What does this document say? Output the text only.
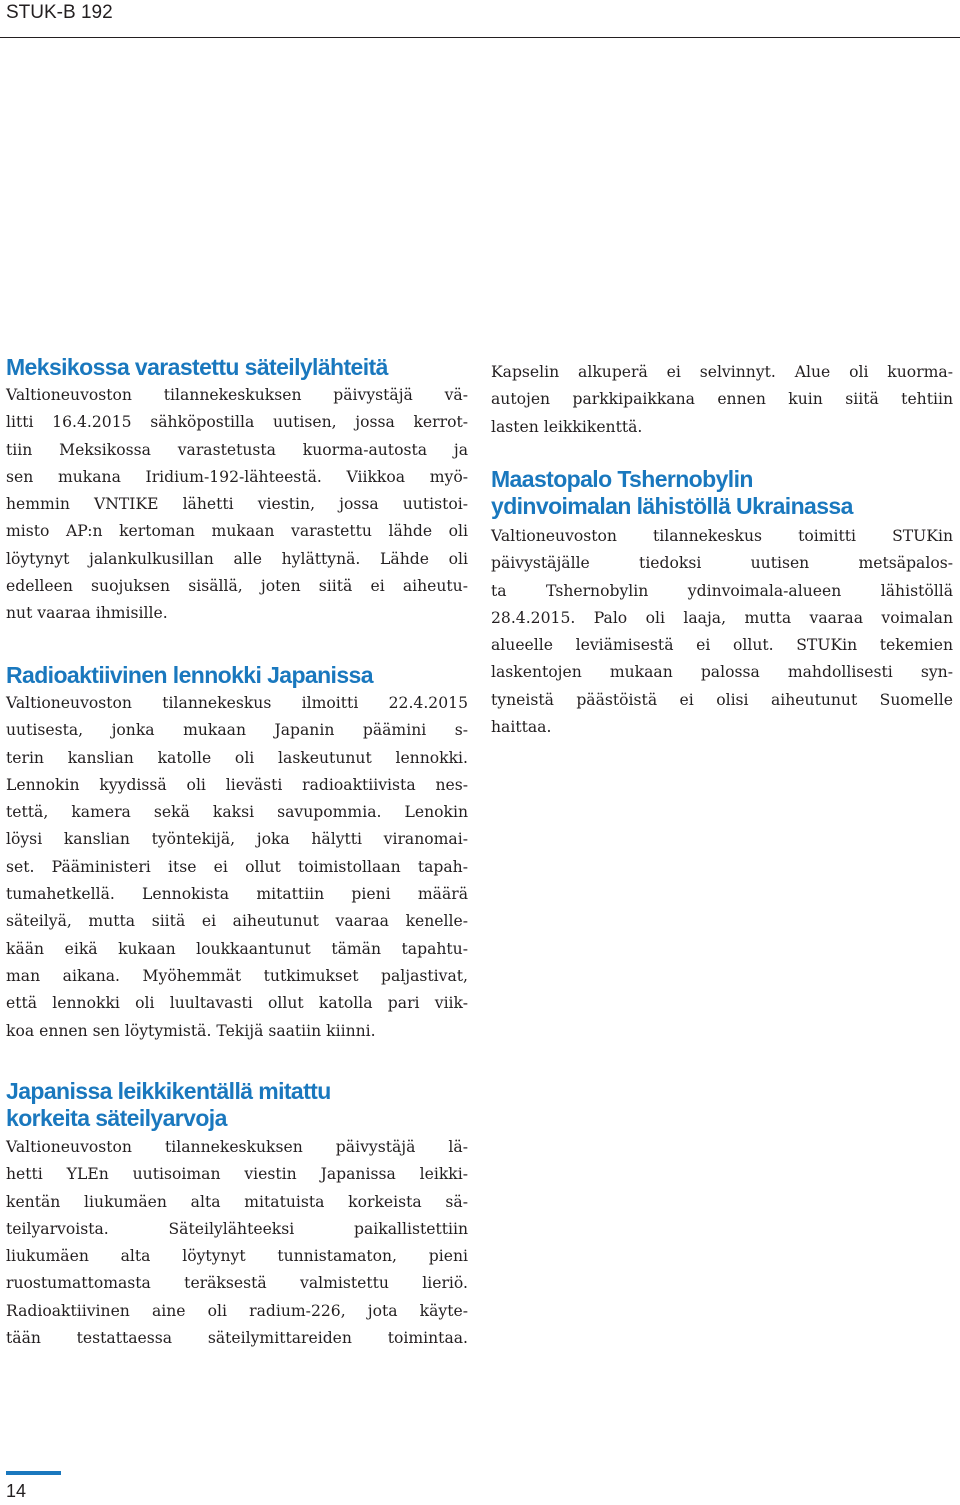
STUK-B 192
Meksikossa varastettu säteilylähteitä
Valtioneuvoston tilannekeskuksen päivystäjä vä-
litti 16.4.2015 sähköpostilla uutisen, jossa kerrot-
tiin Meksikossa varastetusta kuorma-autosta ja
sen mukana Iridium-192-lähteestä. Viikkoa myö-
hemmin VNTIKE lähetti viestin, jossa uutistoi-
misto AP:n kertoman mukaan varastettu lähde oli
löytynyt jalankulkusillan alle hylättynä. Lähde oli
edelleen suojuksen sisällä, joten siitä ei aiheutu-
nut vaaraa ihmisille.
Radioaktiivinen lennokki Japanissa
Valtioneuvoston tilannekeskus ilmoitti 22.4.2015
uutisesta, jonka mukaan Japanin päämini s-
terin kanslian katolle oli laskeutunut lennokki.
Lennokin kyydissä oli lievästi radioaktiivista nes-
tettä, kamera sekä kaksi savupommia. Lenokin
löysi kanslian työntekijä, joka hälytti viranomai-
set. Pääministeri itse ei ollut toimistollaan tapah-
tumahetkellä. Lennokista mitattiin pieni määrä
säteilyä, mutta siitä ei aiheutunut vaaraa kenelle-
kään eikä kukaan loukkaantunut tämän tapahtu-
man aikana. Myöhemmät tutkimukset paljastivat,
että lennokki oli luultavasti ollut katolla pari viik-
koa ennen sen löytymistä. Tekijä saatiin kiinni.
Japanissa leikkikentällä mitattu
korkeita säteilyarvoja
Valtioneuvoston tilannekeskuksen päivystäjä lä-
hetti YLEn uutisoiman viestin Japanissa leikki-
kentän liukumäen alta mitatuista korkeista sä-
teilyarvoista. Säteilylähteeksi paikallistettiin
liukumäen alta löytynyt tunnistamaton, pieni
ruostumattomasta teräksestä valmistettu lieriö.
Radioaktiivinen aine oli radium-226, jota käyte-
tään testattaessa säteilymittareiden toimintaa.
Kapselin alkuperä ei selvinnyt. Alue oli kuorma-
autojen parkkipaikkana ennen kuin siitä tehtiin
lasten leikkikenttä.
Maastopalo Tshernobylin
ydinvoimalan lähistöllä Ukrainassa
Valtioneuvoston tilannekeskus toimitti STUKin
päivystäjälle tiedoksi uutisen metsäpalos-
ta Tshernobylin ydinvoimala-alueen lähistöllä
28.4.2015. Palo oli laaja, mutta vaaraa voimalan
alueelle leviämisestä ei ollut. STUKin tekemien
laskentojen mukaan palossa mahdollisesti syn-
tyneistä päästöistä ei olisi aiheutunut Suomelle
haittaa.
14
